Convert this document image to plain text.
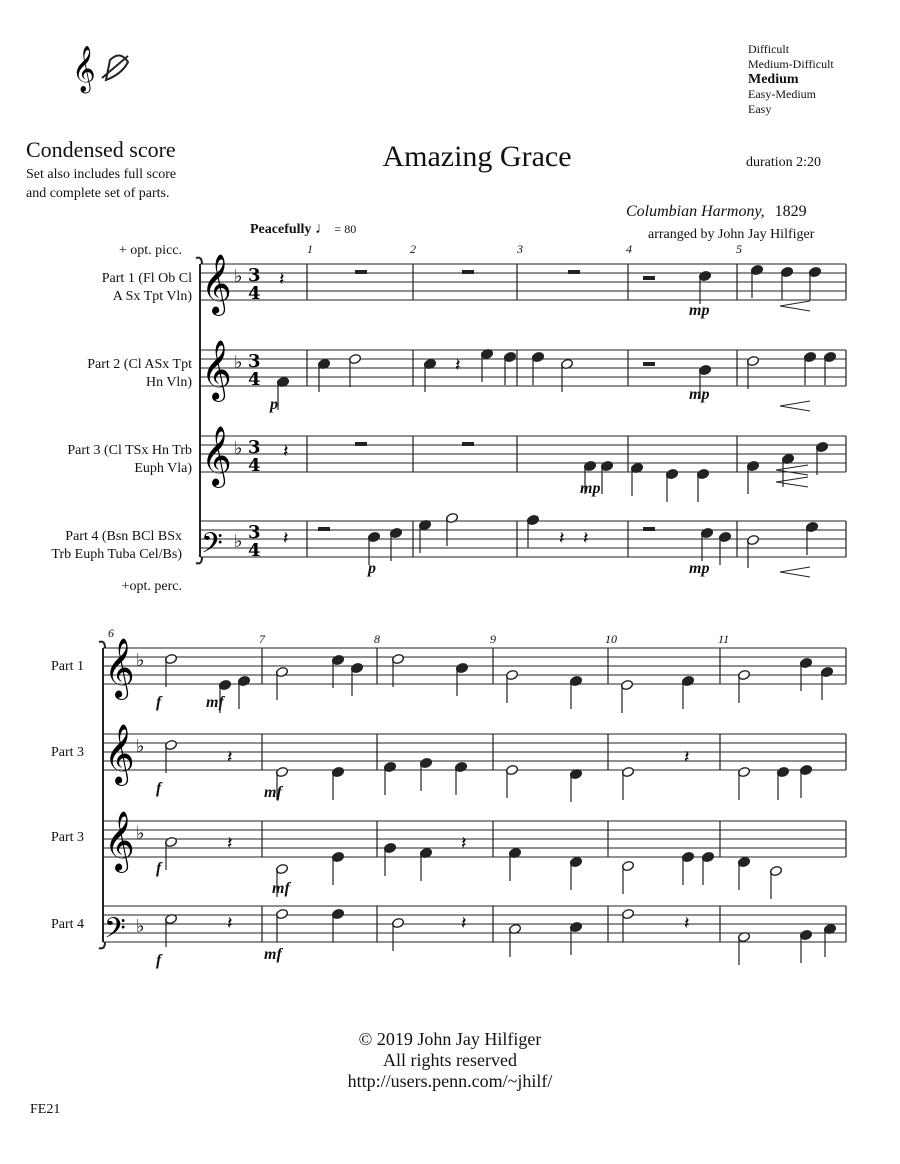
𝄞	Difficult
Medium-Difficult
Medium
Easy-Medium
Easy
Condensed score
Set also includes full score
and complete set of parts.
Amazing Grace	duration 2:20
Columbian Harmony, 1829
arranged by John Jay Hilfiger
Peacefully ♩ = 80
+ opt. picc.
Part 1 (Fl Ob Cl
A Sx Tpt Vln)
Part 2 (Cl ASx Tpt
Hn Vln)
Part 3 (Cl TSx Hn Trb
Euph Vla)
Part 4 (Bsn BCl BSx
Trb Euph Tuba Cel/Bs)
+opt. perc.
Part 1
Part 3
Part 3
Part 4
1	2	3	4	5
6	7	8	9	10	11
mp
p
mp
mp
p	mp
f	mf
f	mf
f
mf
f	mf
𝄞 ♭ 3
4
𝄞 ♭ 3
4
𝄞 ♭ 3
4
𝄢 ♭ 3
4
𝄽
𝄽
𝄽
𝄽	𝄽 𝄽
𝄞 ♭
𝄞 ♭
𝄞 ♭
𝄢 ♭
𝄽	𝄽
𝄽	𝄽
𝄽	𝄽	𝄽
© 2019 John Jay Hilfiger
All rights reserved
http://users.penn.com/~jhilf/
FE21
